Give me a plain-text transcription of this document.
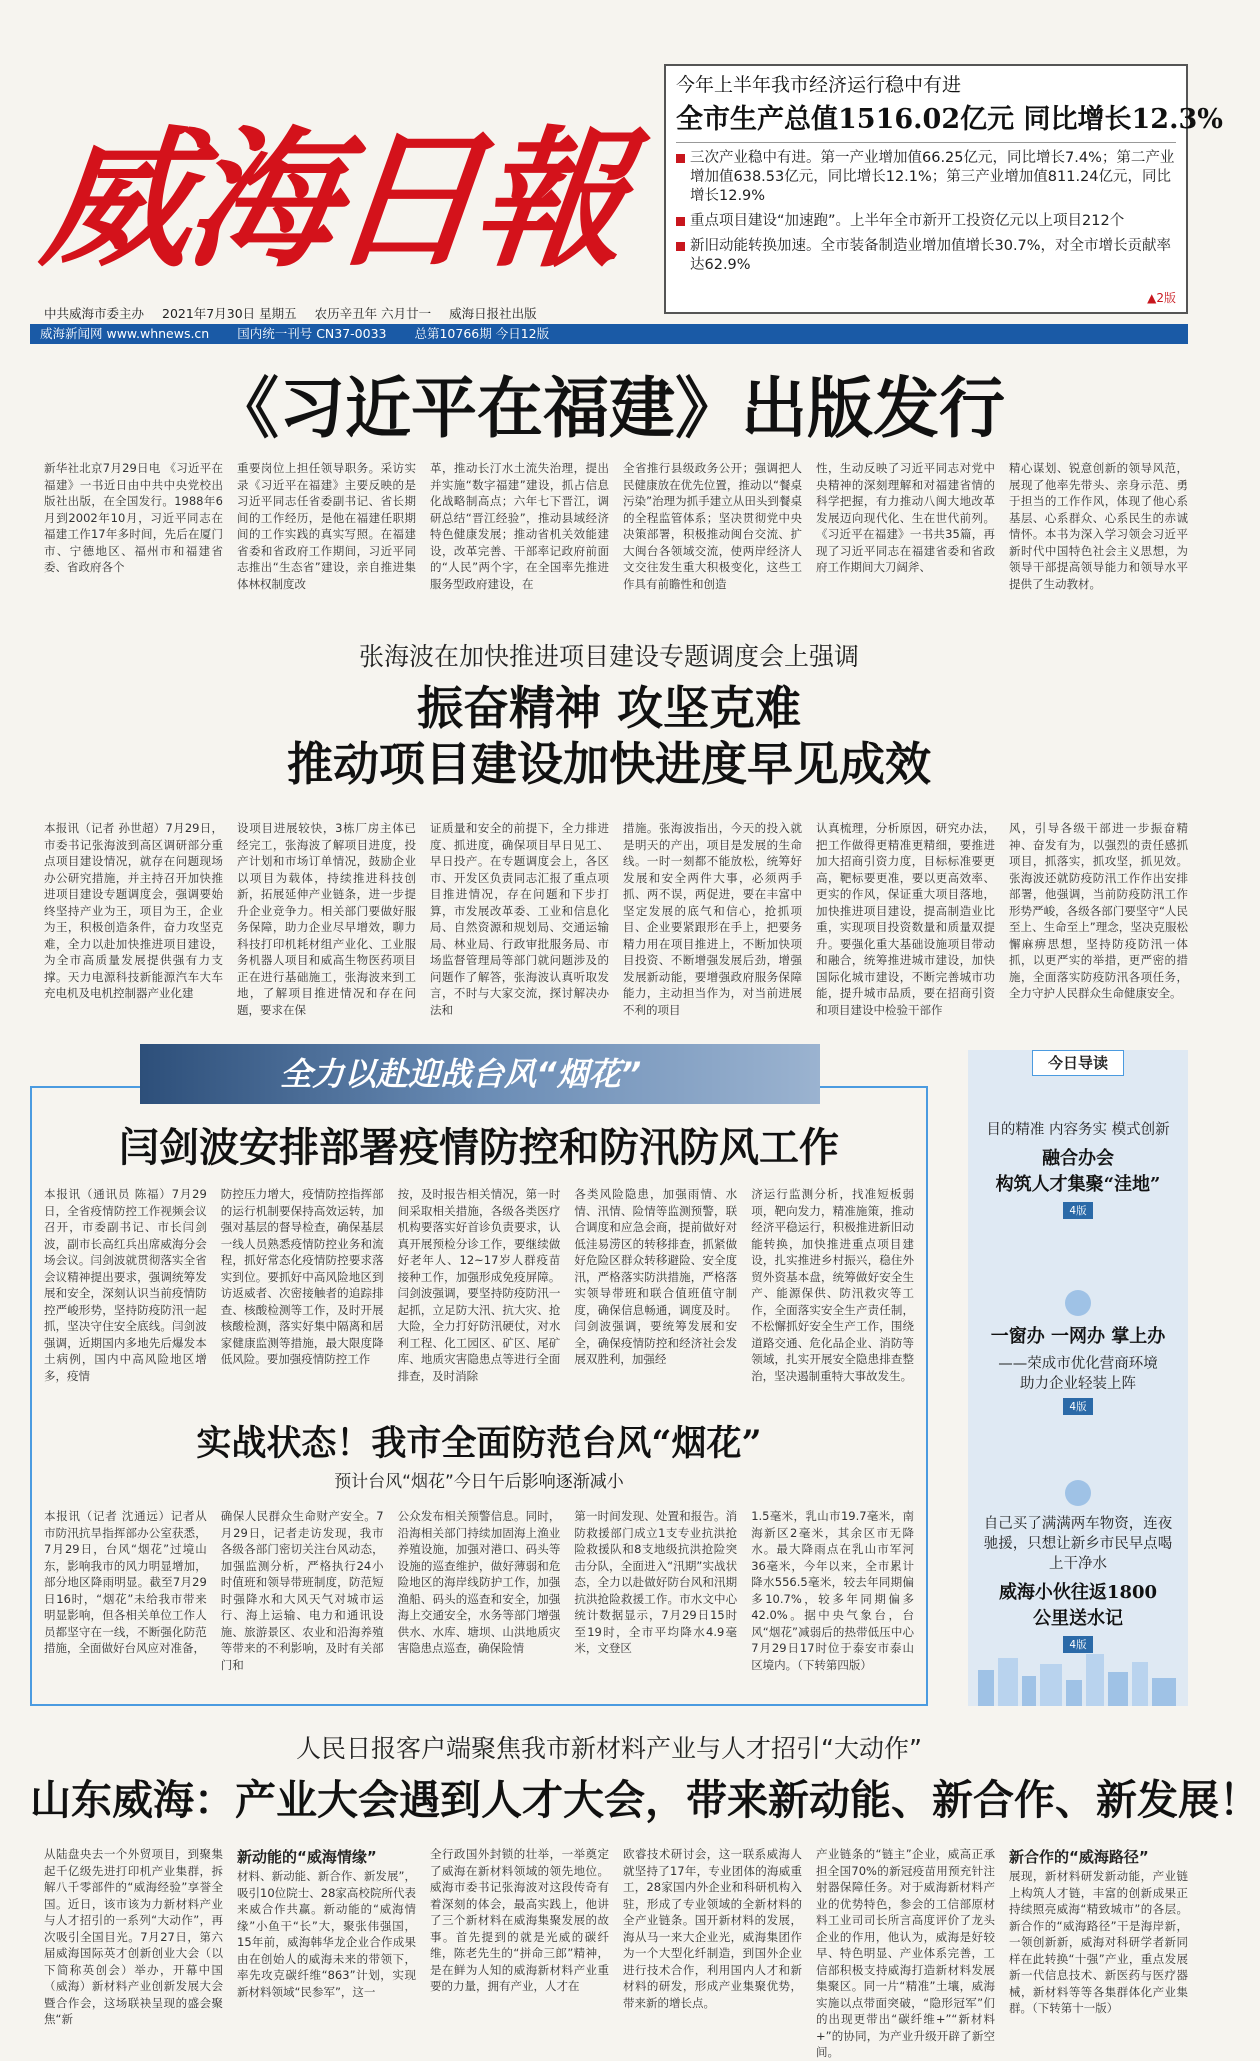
威海日報
今年上半年我市经济运行稳中有进
全市生产总值1516.02亿元 同比增长12.3%
三次产业稳中有进。第一产业增加值66.25亿元，同比增长7.4%；第二产业增加值638.53亿元，同比增长12.1%；第三产业增加值811.24亿元，同比增长12.9%
重点项目建设“加速跑”。上半年全市新开工投资亿元以上项目212个
新旧动能转换加速。全市装备制造业增加值增长30.7%，对全市增长贡献率达62.9%
▲2版
中共威海市委主办 2021年7月30日 星期五 农历辛丑年 六月廿一 威海日报社出版
威海新闻网 www.whnews.cn 国内统一刊号 CN37-0033 总第10766期 今日12版
《习近平在福建》出版发行
新华社北京7月29日电 《习近平在福建》一书近日由中共中央党校出版社出版，在全国发行。1988年6月到2002年10月，习近平同志在福建工作17年多时间，先后在厦门市、宁德地区、福州市和福建省委、省政府各个
重要岗位上担任领导职务。采访实录《习近平在福建》主要反映的是习近平同志任省委副书记、省长期间的工作经历，是他在福建任职期间的工作实践的真实写照。在福建省委和省政府工作期间，习近平同志推出“生态省”建设，亲自推进集体林权制度改
革，推动长汀水土流失治理，提出并实施“数字福建”建设，抓占信息化战略制高点；六年七下晋江，调研总结“晋江经验”，推动县域经济特色健康发展；推动省机关效能建设，改革完善、干部率记政府前面的“人民”两个字，在全国率先推进服务型政府建设，在
全省推行县级政务公开；强调把人民健康放在优先位置，推动以“餐桌污染”治理为抓手建立从田头到餐桌的全程监管体系；坚决贯彻党中央决策部署，积极推动闽台交流、扩大闽台各领域交流，使两岸经济人文交往发生重大积极变化，这些工作具有前瞻性和创造
性，生动反映了习近平同志对党中央精神的深刻理解和对福建省情的科学把握，有力推动八闽大地改革发展迈向现代化、生在世代前列。《习近平在福建》一书共35篇，再现了习近平同志在福建省委和省政府工作期间大刀阔斧、
精心谋划、锐意创新的领导风范，展现了他率先带头、亲身示范、勇于担当的工作作风，体现了他心系基层、心系群众、心系民生的赤诚情怀。本书为深入学习领会习近平新时代中国特色社会主义思想，为领导干部提高领导能力和领导水平提供了生动教材。
张海波在加快推进项目建设专题调度会上强调
振奋精神 攻坚克难
推动项目建设加快进度早见成效
本报讯（记者 孙世超）7月29日，市委书记张海波到高区调研部分重点项目建设情况，就存在问题现场办公研究措施，并主持召开加快推进项目建设专题调度会，强调要始终坚持产业为王，项目为王，企业为王，积极创造条件，奋力攻坚克难，全力以赴加快推进项目建设，为全市高质量发展提供强有力支撑。天力电源科技新能源汽车大车充电机及电机控制器产业化建
设项目进展较快，3栋厂房主体已经完工，张海波了解项目进度，投产计划和市场订单情况，鼓励企业以项目为载体，持续推进科技创新，拓展延伸产业链条，进一步提升企业竞争力。相关部门要做好服务保障，助力企业尽早增效，聊力科技打印机耗材组产业化、工业服务机器人项目和威高生物医药项目正在进行基础施工，张海波来到工地，了解项目推进情况和存在问题，要求在保
证质量和安全的前提下，全力排进度、抓进度，确保项目早日见工、早日投产。在专题调度会上，各区市、开发区负责同志汇报了重点项目推进情况，存在问题和下步打算，市发展改革委、工业和信息化局、自然资源和规划局、交通运输局、林业局、行政审批服务局、市场监督管理局等部门就问题涉及的问题作了解答，张海波认真听取发言，不时与大家交流，探讨解决办法和
措施。张海波指出，今天的投入就是明天的产出，项目是发展的生命线。一时一刻都不能放松，统筹好发展和安全两件大事，必须两手抓、两不误，两促进，要在丰富中坚定发展的底气和信心，抢抓项目、企业要紧跟形在手上，把要务精力用在项目推进上，不断加快项目投资、不断增强发展后劲，增强发展新动能，要增强政府服务保障能力，主动担当作为，对当前进展不利的项目
认真梳理，分析原因，研究办法，把工作做得更精准更精细，要推进加大招商引资力度，目标标准要更高，靶标要更准，要以更高效率、更实的作风，保证重大项目落地，加快推进项目建设，提高制造业比重，实现项目投资数量和质量双提升。要强化重大基础设施项目带动和融合，统筹推进城市建设，加快国际化城市建设，不断完善城市功能，提升城市品质，要在招商引资和项目建设中检验干部作
风，引导各级干部进一步振奋精神、奋发有为，以强烈的责任感抓项目，抓落实，抓攻坚，抓见效。张海波还就防疫防汛工作作出安排部署，他强调，当前防疫防汛工作形势严峻，各级各部门要坚守“人民至上、生命至上”理念，坚决克服松懈麻痹思想，坚持防疫防汛一体抓，以更严实的举措，更严密的措施，全面落实防疫防汛各项任务，全力守护人民群众生命健康安全。
全力以赴迎战台风“烟花”
闫剑波安排部署疫情防控和防汛防风工作
本报讯（通讯员 陈福）7月29日，全省疫情防控工作视频会议召开，市委副书记、市长闫剑波，副市长高红兵出席威海分会场会议。闫剑波就贯彻落实全省会议精神提出要求，强调统筹发展和安全，深刻认识当前疫情防控严峻形势，坚持防疫防汛一起抓，坚决守住安全底线。闫剑波强调，近期国内多地先后爆发本土病例，国内中高风险地区增多，疫情
防控压力增大，疫情防控指挥部的运行机制要保持高效运转，加强对基层的督导检查，确保基层一线人员熟悉疫情防控业务和流程，抓好常态化疫情防控要求落实到位。要抓好中高风险地区到访返威者、次密接触者的追踪排查、核酸检测等工作，及时开展核酸检测，落实好集中隔离和居家健康监测等措施，最大限度降低风险。要加强疫情防控工作
按，及时报告相关情况，第一时间采取相关措施，各级各类医疗机构要落实好首诊负责要求，认真开展预检分诊工作，要继续做好老年人、12~17岁人群疫苗接种工作，加强形成免疫屏障。闫剑波强调，要坚持防疫防汛一起抓，立足防大汛、抗大灾、抢大险，全力打好防汛硬仗，对水利工程、化工园区、矿区、尾矿库、地质灾害隐患点等进行全面排查，及时消除
各类风险隐患，加强雨情、水情、汛情、险情等监测预警，联合调度和应急会商，提前做好对低洼易涝区的转移排查，抓紧做好危险区群众转移避险、安全度汛，严格落实防洪措施，严格落实领导带班和联合值班值守制度，确保信息畅通，调度及时。闫剑波强调，要统筹发展和安全，确保疫情防控和经济社会发展双胜利，加强经
济运行监测分析，找准短板弱项，靶向发力，精准施策，推动经济平稳运行，积极推进新旧动能转换，加快推进重点项目建设，扎实推进乡村振兴，稳住外贸外资基本盘，统筹做好安全生产、能源保供、防汛救灾等工作，全面落实安全生产责任制，不松懈抓好安全生产工作，围绕道路交通、危化品企业、消防等领域，扎实开展安全隐患排查整治，坚决遏制重特大事故发生。
实战状态！我市全面防范台风“烟花”
预计台风“烟花”今日午后影响逐渐减小
本报讯（记者 沈通远）记者从市防汛抗旱指挥部办公室获悉，7月29日，台风“烟花”过境山东，影响我市的风力明显增加，部分地区降雨明显。截至7月29日16时，“烟花”未给我市带来明显影响，但各相关单位工作人员都坚守在一线，不断强化防范措施，全面做好台风应对准备，
确保人民群众生命财产安全。7月29日，记者走访发现，我市各级各部门密切关注台风动态，加强监测分析，严格执行24小时值班和领导带班制度，防范短时强降水和大风天气对城市运行、海上运输、电力和通讯设施、旅游景区、农业和沿海养殖等带来的不利影响，及时有关部门和
公众发布相关预警信息。同时，沿海相关部门持续加固海上渔业养殖设施，加强对港口、码头等设施的巡查维护，做好薄弱和危险地区的海岸线防护工作，加强渔船、码头的巡查和安全，加强海上交通安全，水务等部门增强供水、水库、塘坝、山洪地质灾害隐患点巡查，确保险情
第一时间发现、处置和报告。消防救援部门成立1支专业抗洪抢险救援队和8支地级抗洪抢险突击分队，全面进入“汛期”实战状态，全力以赴做好防台风和汛期抗洪抢险救援工作。市水文中心统计数据显示，7月29日15时至19时，全市平均降水4.9毫米，文登区
1.5毫米，乳山市19.7毫米，南海新区2毫米，其余区市无降水。最大降雨点在乳山市军河36毫米，今年以来，全市累计降水556.5毫米，较去年同期偏多10.7%，较多年同期偏多42.0%。据中央气象台，台风“烟花”减弱后的热带低压中心7月29日17时位于泰安市泰山区境内。（下转第四版）
今日导读
目的精准 内容务实 模式创新
融合办会
构筑人才集聚“洼地”
4版
一窗办 一网办 掌上办
——荣成市优化营商环境
助力企业轻装上阵
4版
自己买了满满两车物资，连夜驰援，只想让新乡市民早点喝上干净水
威海小伙往返1800
公里送水记
4版
人民日报客户端聚焦我市新材料产业与人才招引“大动作”
山东威海：产业大会遇到人才大会，带来新动能、新合作、新发展！
从陆盘央去一个外贸项目，到聚集起千亿级先进打印机产业集群，拆解八千零部件的“威海经验”享誉全国。近日，该市该为力新材料产业与人才招引的一系列“大动作”，再次吸引全国目光。7月27日，第六届威海国际英才创新创业大会（以下简称英创会）举办，开幕中国（威海）新材料产业创新发展大会暨合作会，这场联袂呈现的盛会聚焦“新
新动能的“威海情缘”
材料、新动能、新合作、新发展”，吸引10位院士、28家高校院所代表来威合作共赢。新动能的“威海情缘”小鱼干“长”大，聚张伟强国，15年前，威海韩华龙企业合作成果由在创始人的威海未来的带领下，率先攻克碳纤维“863”计划，实现新材料领域“民参军”，这一
全行政国外封锁的壮举，一举奠定了威海在新材料领域的领先地位。威海市委书记张海波对这段传奇有着深刻的体会，最高实践上，他讲了三个新材料在威海集聚发展的故事。首先提到的就是光威的碳纤维，陈老先生的“拼命三郎”精神，是在鲜为人知的威海新材料产业重要的力量，拥有产业，人才在
欧睿技术研讨会，这一联系威海人就坚持了17年，专业团体的海威重工，28家国内外企业和科研机构入驻，形成了专业领域的全新材料的全产业链条。国开新材料的发展，海从马一来大企业光，威海集团作为一个大型化纤制造，到国外企业进行技术合作，利用国内人才和新材料的研发，形成产业集聚优势，带来新的增长点。
产业链条的“链主”企业，威高正承担全国70%的新冠疫苗用预充针注射器保障任务。对于威海新材料产业的优势特色，参会的工信部原材料工业司司长所言高度评价了龙头企业的作用，他认为，威海是好较早、特色明显、产业体系完善，工信部积极支持威海打造新材料发展集聚区。同一片“精准”土壤，威海实施以点带面突破，“隐形冠军”们的出现更带出“碳纤维+”“新材料+”的协同，为产业升级开辟了新空间。
新合作的“威海路径”
展现，新材料研发新动能，产业链上构筑人才链，丰富的创新成果正持续照亮威海“精致城市”的各层。新合作的“威海路径”干是海岸新，一领创新新，威海对科研学者新同样在此转换“十强”产业，重点发展新一代信息技术、新医药与医疗器械，新材料等等各集群体化产业集群。（下转第十一版）
